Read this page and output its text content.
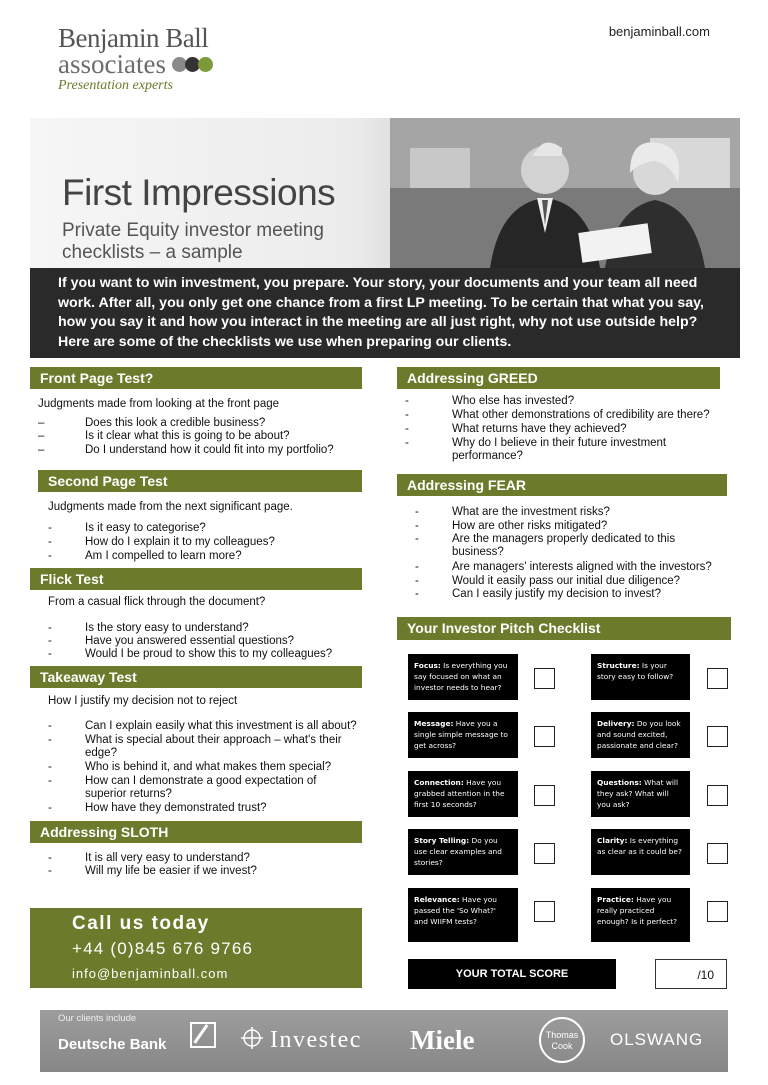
benjaminball.com
Benjamin Ball
associates
Presentation experts
First Impressions
Private Equity investor meeting checklists – a sample
If you want to win investment, you prepare. Your story, your documents and your team all need work. After all, you only get one chance from a first LP meeting. To be certain that what you say, how you say it and how you interact in the meeting are all just right, why not use outside help? Here are some of the checklists we use when preparing our clients.
Front Page Test?
Judgments made from looking at the front page
–	Does this look a credible business?
–	Is it clear what this is going to be about?
–	Do I understand how it could fit into my portfolio?
Second Page Test
Judgments made from the next significant page.
-	Is it easy to categorise?
-	How do I explain it to my colleagues?
-	Am I compelled to learn more?
Flick Test
From a casual flick through the document?
-	Is the story easy to understand?
-	Have you answered essential questions?
-	Would I be proud to show this to my colleagues?
Takeaway Test
How I justify my decision not to reject
-	Can I explain easily what this investment is all about?
-	What is special about their approach – what's their edge?
-	Who is behind it, and what makes them special?
-	How can I demonstrate a good expectation of superior returns?
-	How have they demonstrated trust?
Addressing SLOTH
-	It is all very easy to understand?
-	Will my life be easier if we invest?
Call us today
+44 (0)845 676 9766
info@benjaminball.com
Addressing GREED
-	Who else has invested?
-	What other demonstrations of credibility are there?
-	What returns have they achieved?
-	Why do I believe in their future investment performance?
Addressing FEAR
-	What are the investment risks?
-	How are other risks mitigated?
-	Are the managers properly dedicated to this business?
-	Are managers' interests aligned with the investors?
-	Would it easily pass our initial due diligence?
-	Can I easily justify my decision to invest?
Your Investor Pitch Checklist
Focus: Is everything you say focused on what an investor needs to hear?
Message: Have you a single simple message to get across?
Connection: Have you grabbed attention in the first 10 seconds?
Story Telling: Do you use clear examples and stories?
Relevance: Have you passed the 'So What?' and WIIFM tests?
Structure: Is your story easy to follow?
Delivery: Do you look and sound excited, passionate and clear?
Questions: What will they ask? What will you ask?
Clarity: Is everything as clear as it could be?
Practice: Have you really practiced enough? Is it perfect?
YOUR TOTAL SCORE	/10
Our clients include
Deutsche Bank	Investec Miele	Thomas Cook	OLSWANG
